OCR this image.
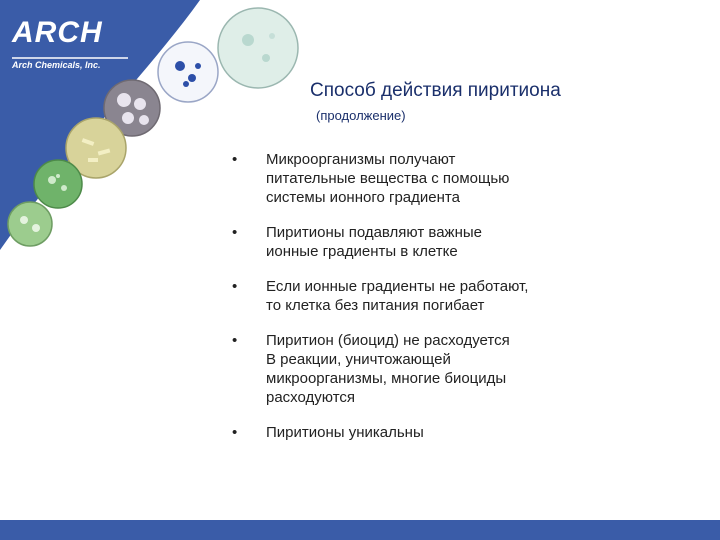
ARCH
Arch Chemicals, Inc.
Способ действия пиритиона
(продолжение)
• Микроорганизмы получают
питательные вещества с помощью
системы ионного градиента
• Пиритионы подавляют важные
ионные градиенты в клетке
• Если ионные градиенты не работают,
то клетка без питания погибает
• Пиритион (биоцид) не расходуется
В реакции, уничтожающей
микроорганизмы, многие биоциды
расходуются
• Пиритионы уникальны
